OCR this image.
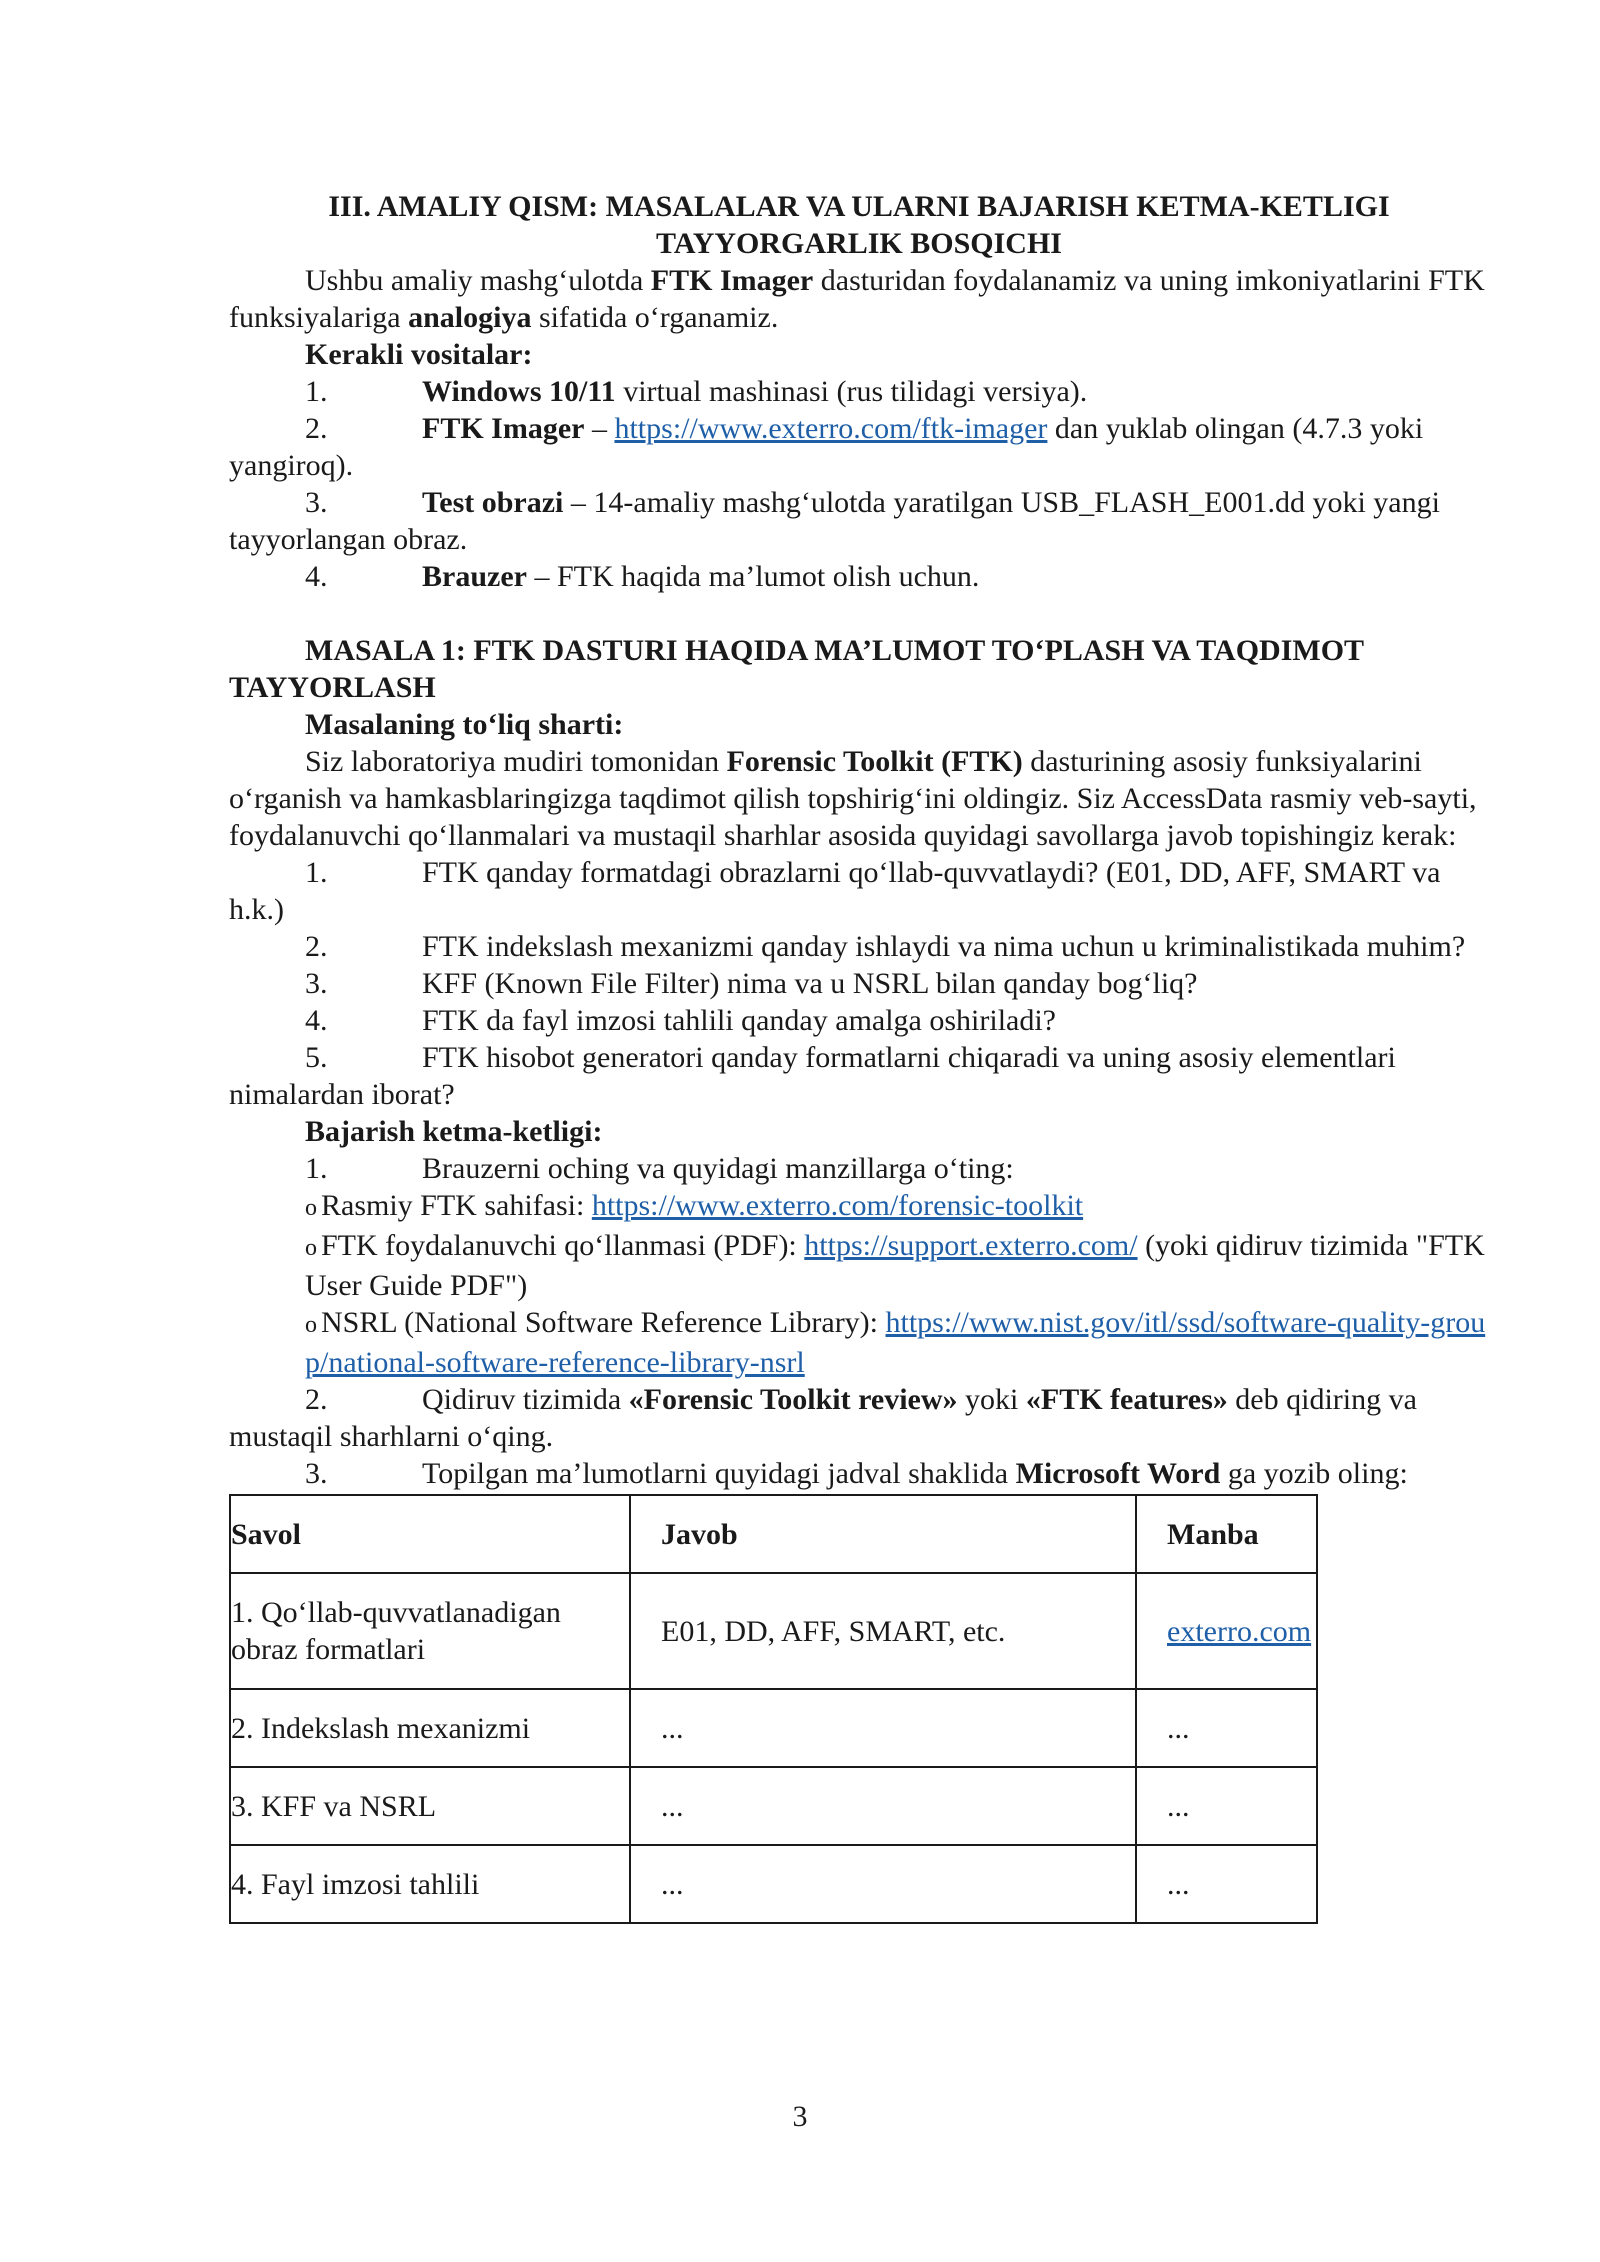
III. AMALIY QISM: MASALALAR VA ULARNI BAJARISH KETMA-KETLIGI

TAYYORGARLIK BOSQICHI

Ushbu amaliy mashg‘ulotda FTK Imager dasturidan foydalanamiz va uning imkoniyatlarini FTK funksiyalariga analogiya sifatida o‘rganamiz.

Kerakli vositalar:

1.	Windows 10/11 virtual mashinasi (rus tilidagi versiya).

2.	FTK Imager – https://www.exterro.com/ftk-imager dan yuklab olingan (4.7.3 yoki yangiroq).

3.	Test obrazi – 14-amaliy mashg‘ulotda yaratilgan USB_FLASH_E001.dd yoki yangi tayyorlangan obraz.

4.	Brauzer – FTK haqida ma’lumot olish uchun.

MASALA 1: FTK DASTURI HAQIDA MA’LUMOT TO‘PLASH VA TAQDIMOT TAYYORLASH

Masalaning to‘liq sharti:

Siz laboratoriya mudiri tomonidan Forensic Toolkit (FTK) dasturining asosiy funksiyalarini o‘rganish va hamkasblaringizga taqdimot qilish topshirig‘ini oldingiz. Siz AccessData rasmiy veb-sayti, foydalanuvchi qo‘llanmalari va mustaqil sharhlar asosida quyidagi savollarga javob topishingiz kerak:

1.	FTK qanday formatdagi obrazlarni qo‘llab-quvvatlaydi? (E01, DD, AFF, SMART va h.k.)

2.	FTK indekslash mexanizmi qanday ishlaydi va nima uchun u kriminalistikada muhim?

3.	KFF (Known File Filter) nima va u NSRL bilan qanday bog‘liq?

4.	FTK da fayl imzosi tahlili qanday amalga oshiriladi?

5.	FTK hisobot generatori qanday formatlarni chiqaradi va uning asosiy elementlari nimalardan iborat?

Bajarish ketma-ketligi:

1.	Brauzerni oching va quyidagi manzillarga o‘ting:

o Rasmiy FTK sahifasi: https://www.exterro.com/forensic-toolkit

o FTK foydalanuvchi qo‘llanmasi (PDF): https://support.exterro.com/ (yoki qidiruv tizimida "FTK User Guide PDF")

o NSRL (National Software Reference Library): https://www.nist.gov/itl/ssd/software-quality-group/national-software-reference-library-nsrl

2.	Qidiruv tizimida «Forensic Toolkit review» yoki «FTK features» deb qidiring va mustaqil sharhlarni o‘qing.

3.	Topilgan ma’lumotlarni quyidagi jadval shaklida Microsoft Word ga yozib oling:

Savol	Javob	Manba
1. Qo‘llab-quvvatlanadigan obraz formatlari	E01, DD, AFF, SMART, etc.	exterro.com
2. Indekslash mexanizmi	...	...
3. KFF va NSRL	...	...
4. Fayl imzosi tahlili	...	...
3
